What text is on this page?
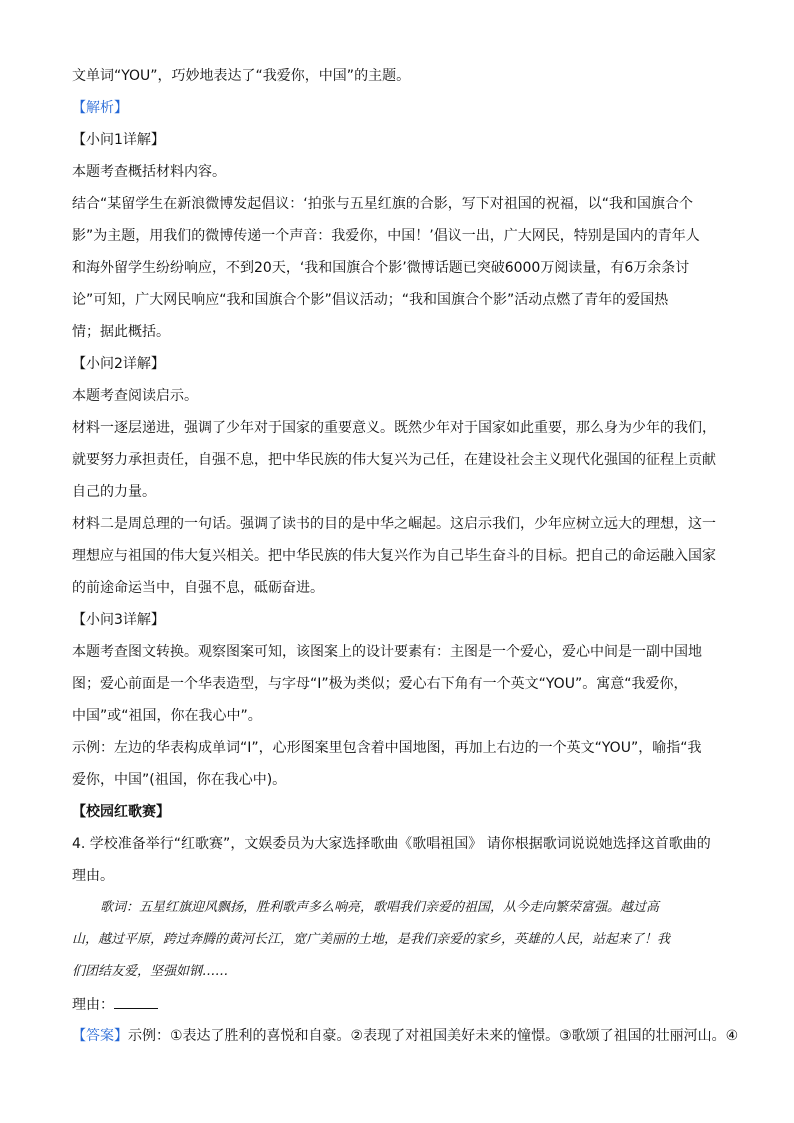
文单词“YOU”，巧妙地表达了“我爱你，中国”的主题。
【解析】
【小问1详解】
本题考查概括材料内容。
结合“某留学生在新浪微博发起倡议：‘拍张与五星红旗的合影，写下对祖国的祝福，以“我和国旗合个
影”为主题，用我们的微博传递一个声音：我爱你，中国！’倡议一出，广大网民，特别是国内的青年人
和海外留学生纷纷响应，不到20天，‘我和国旗合个影’微博话题已突破6000万阅读量，有6万余条讨
论”可知，广大网民响应“我和国旗合个影”倡议活动；“我和国旗合个影”活动点燃了青年的爱国热
情；据此概括。
【小问2详解】
本题考查阅读启示。
材料一逐层递进，强调了少年对于国家的重要意义。既然少年对于国家如此重要，那么身为少年的我们，
就要努力承担责任，自强不息，把中华民族的伟大复兴为己任，在建设社会主义现代化强国的征程上贡献
自己的力量。
材料二是周总理的一句话。强调了读书的目的是中华之崛起。这启示我们，少年应树立远大的理想，这一
理想应与祖国的伟大复兴相关。把中华民族的伟大复兴作为自己毕生奋斗的目标。把自己的命运融入国家
的前途命运当中，自强不息，砥砺奋进。
【小问3详解】
本题考查图文转换。观察图案可知，该图案上的设计要素有：主图是一个爱心，爱心中间是一副中国地
图；爱心前面是一个华表造型，与字母“I”极为类似；爱心右下角有一个英文“YOU”。寓意“我爱你，
中国”或“祖国，你在我心中”。
示例：左边的华表构成单词“I”，心形图案里包含着中国地图，再加上右边的一个英文“YOU”，喻指“我
爱你，中国”(祖国，你在我心中)。
【校园红歌赛】
4. 学校准备举行“红歌赛”，文娱委员为大家选择歌曲《歌唱祖国》 请你根据歌词说说她选择这首歌曲的
理由。
歌词：五星红旗迎风飘扬，胜利歌声多么响亮，歌唱我们亲爱的祖国，从今走向繁荣富强。越过高
山，越过平原，跨过奔腾的黄河长江，宽广美丽的土地，是我们亲爱的家乡，英雄的人民，站起来了！我
们团结友爱，坚强如钢……
理由：
【答案】示例：①表达了胜利的喜悦和自豪。②表现了对祖国美好未来的憧憬。③歌颂了祖国的壮丽河山。④
